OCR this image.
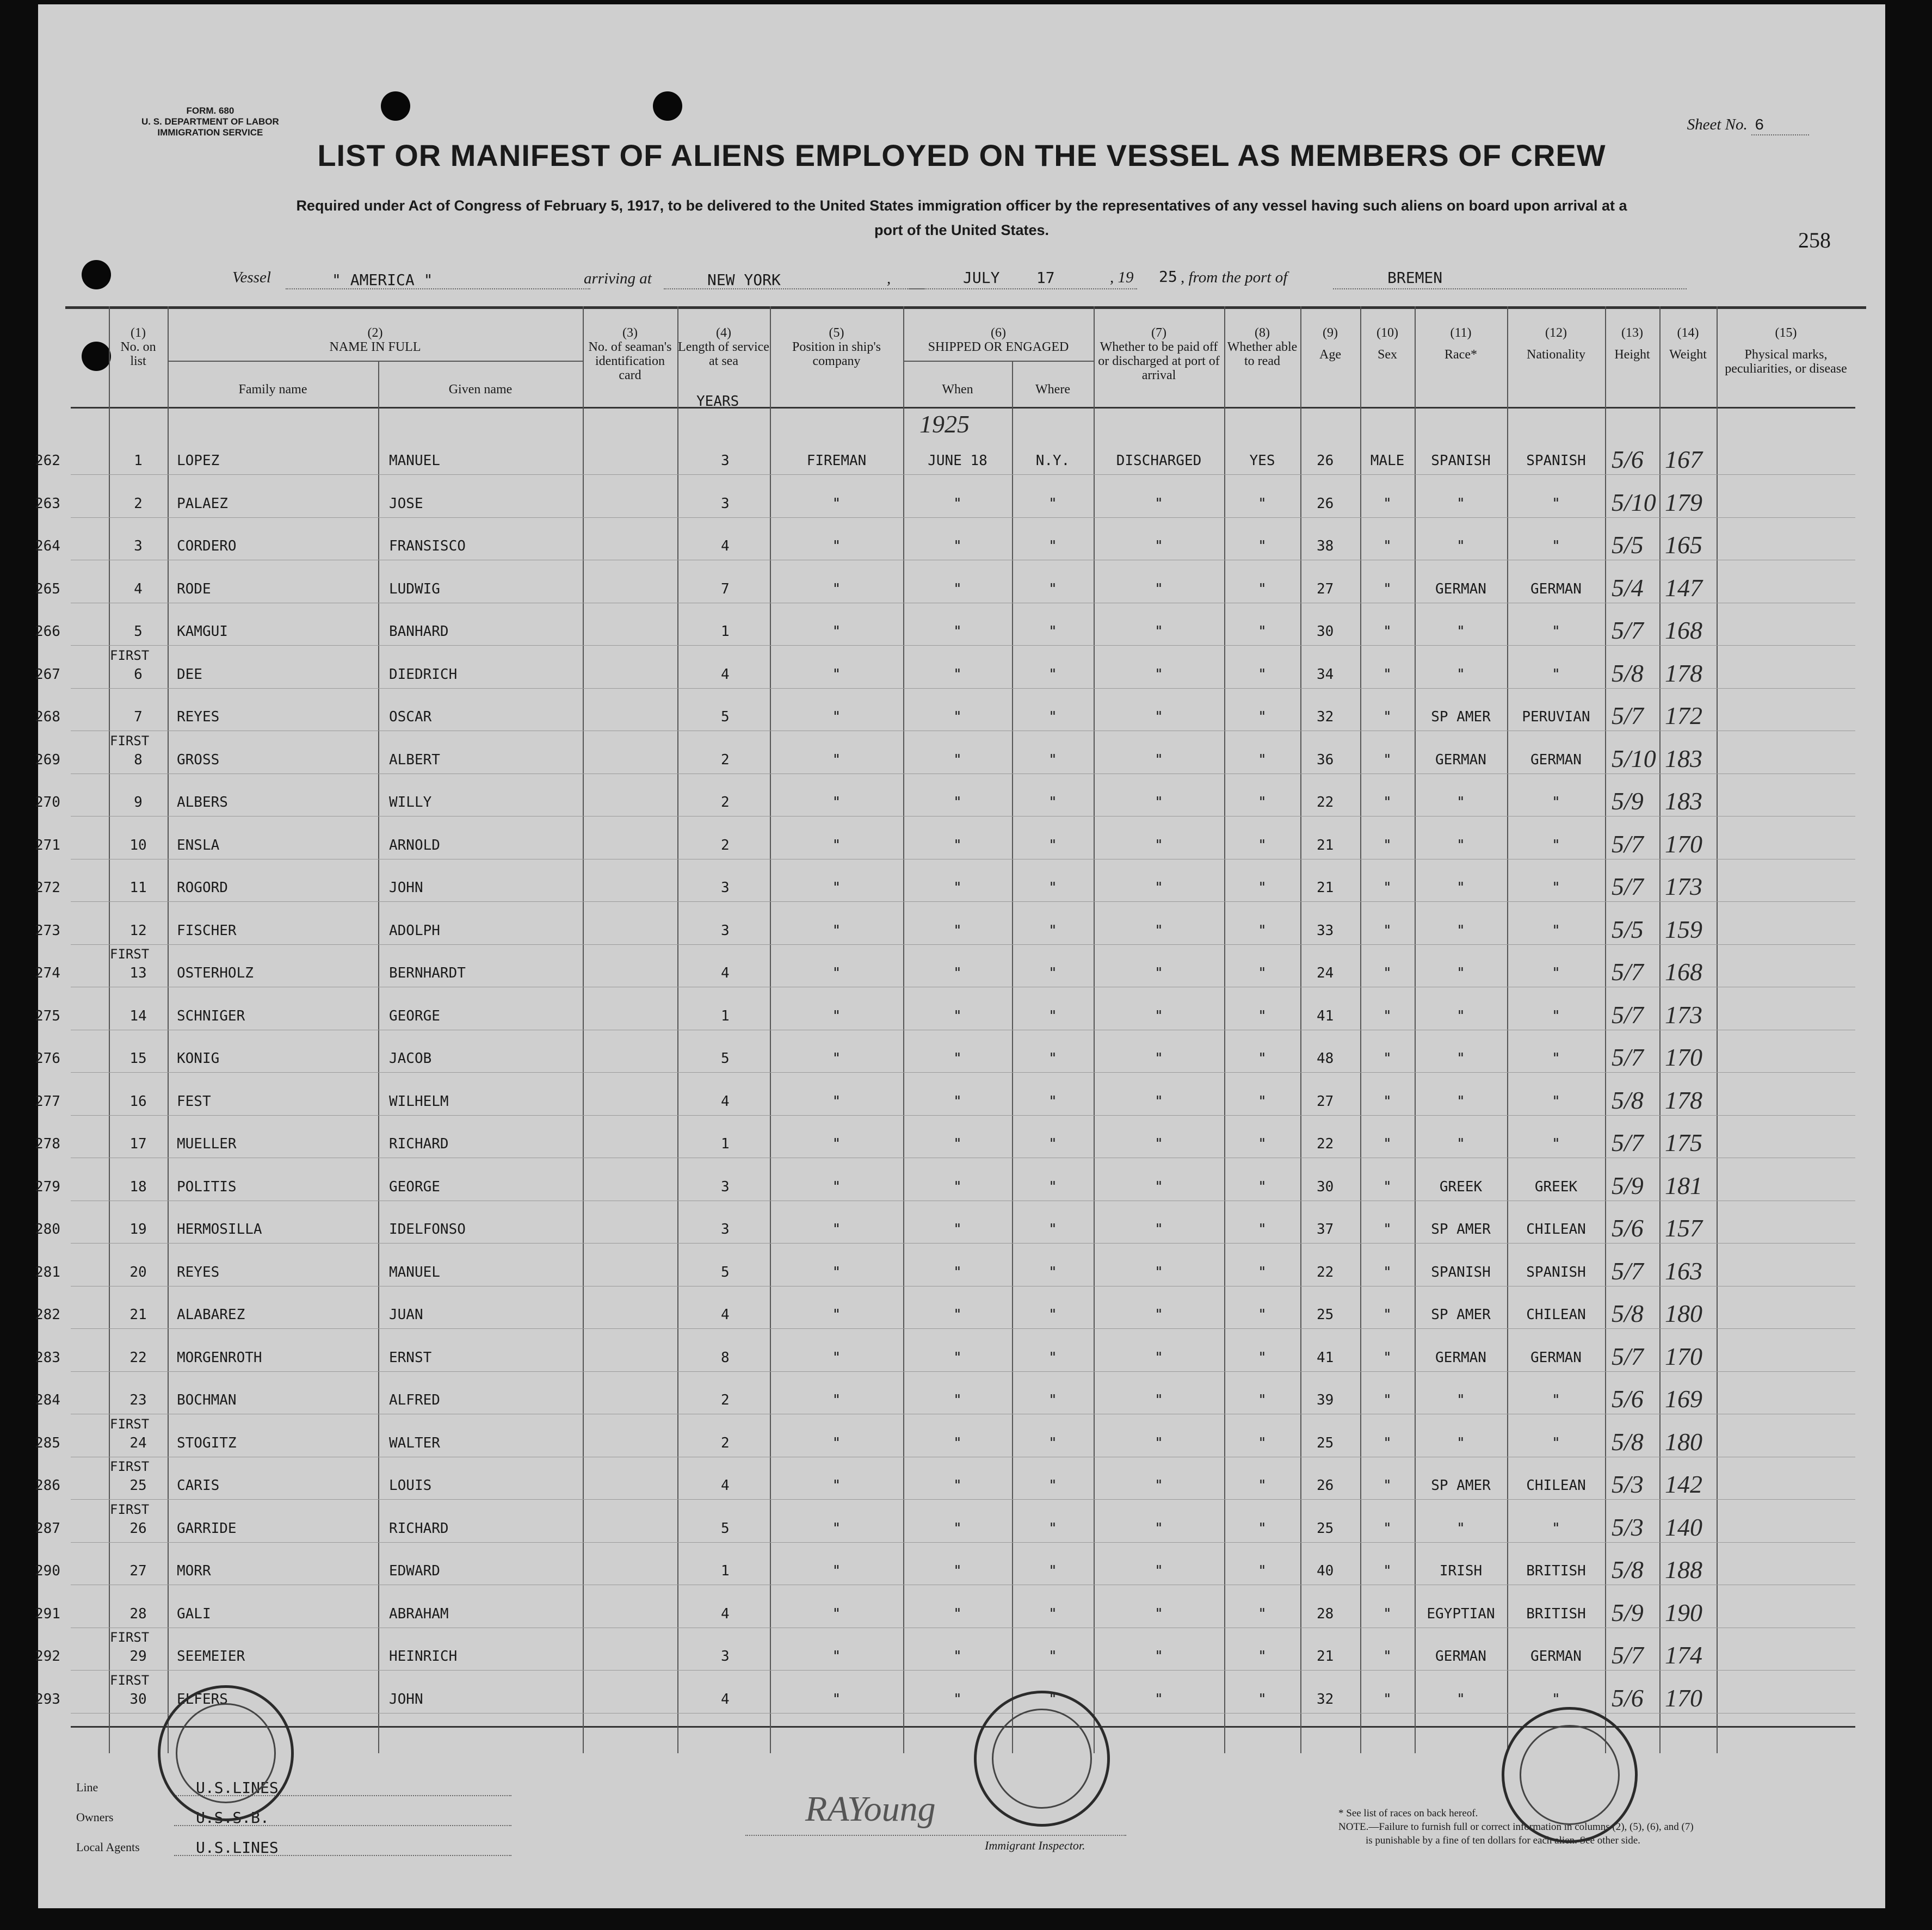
FORM. 680
U. S. DEPARTMENT OF LABOR
IMMIGRATION SERVICE	Sheet No. 6
LIST OR MANIFEST OF ALIENS EMPLOYED ON THE VESSEL AS MEMBERS OF CREW
Required under Act of Congress of February 5, 1917, to be delivered to the United States immigration officer by the representatives of any vessel having such aliens on board upon arrival at a
port of the United States.	258
Vessel	" AMERICA "	arriving at	NEW YORK	,	JULY    17	, 19 25 , from the port of	BREMEN
(1)
No. on list
(2)
NAME IN FULL
Family name	Given name
(3)
No. of seaman's identification card
(4)
Length of service at sea
YEARS
(5)
Position in ship's company
(6)
SHIPPED OR ENGAGED
When	Where
(7)
Whether to be paid off or discharged at port of arrival
(8)
Whether able to read
(9)
Age
(10)
Sex
(11)
Race*
(12)
Nationality
(13)
Height
(14)
Weight
(15)
Physical marks, peculiarities, or disease
1925
262	1	LOPEZ	MANUEL	3	FIREMAN	JUNE 18	N.Y.	DISCHARGED	YES	26	MALE	SPANISH	SPANISH	5/6 167
263	2	PALAEZ	JOSE	3	"	"	"	"	"	26	"	"	"	5/10 179
264	3	CORDERO	FRANSISCO	4	"	"	"	"	"	38	"	"	"	5/5 165
265	4	RODE	LUDWIG	7	"	"	"	"	"	27	"	GERMAN	GERMAN	5/4 147
266	5	KAMGUI	BANHARD	1	"	"	"	"	"	30	"	"	"	5/7 168
267	6	DEE	DIEDRICH	4	"	"	"	"	"	34	"	"	"	5/8 178
FIRST
268	7	REYES	OSCAR	5	"	"	"	"	"	32	"	SP AMER	PERUVIAN 5/7 172
269	8	GROSS	ALBERT	2	"	"	"	"	"	36	"	GERMAN	GERMAN	5/10 183
FIRST
270	9	ALBERS	WILLY	2	"	"	"	"	"	22	"	"	"	5/9 183
271	10	ENSLA	ARNOLD	2	"	"	"	"	"	21	"	"	"	5/7 170
272	11	ROGORD	JOHN	3	"	"	"	"	"	21	"	"	"	5/7 173
273	12	FISCHER	ADOLPH	3	"	"	"	"	"	33	"	"	"	5/5 159
274	13	OSTERHOLZ	BERNHARDT	4	"	"	"	"	"	24	"	"	"	5/7 168
FIRST
275	14	SCHNIGER	GEORGE	1	"	"	"	"	"	41	"	"	"	5/7 173
276	15	KONIG	JACOB	5	"	"	"	"	"	48	"	"	"	5/7 170
277	16	FEST	WILHELM	4	"	"	"	"	"	27	"	"	"	5/8 178
278	17	MUELLER	RICHARD	1	"	"	"	"	"	22	"	"	"	5/7 175
279	18	POLITIS	GEORGE	3	"	"	"	"	"	30	"	GREEK	GREEK	5/9 181
280	19	HERMOSILLA	IDELFONSO	3	"	"	"	"	"	37	"	SP AMER	CHILEAN	5/6 157
281	20	REYES	MANUEL	5	"	"	"	"	"	22	"	SPANISH	SPANISH	5/7 163
282	21	ALABAREZ	JUAN	4	"	"	"	"	"	25	"	SP AMER	CHILEAN	5/8 180
283	22	MORGENROTH	ERNST	8	"	"	"	"	"	41	"	GERMAN	GERMAN	5/7 170
284	23	BOCHMAN	ALFRED	2	"	"	"	"	"	39	"	"	"	5/6 169
285	24	STOGITZ	WALTER	2	"	"	"	"	"	25	"	"	"	5/8 180
FIRST
286	25	CARIS	LOUIS	4	"	"	"	"	"	26	"	SP AMER	CHILEAN	5/3 142
FIRST
287	26	GARRIDE	RICHARD	5	"	"	"	"	"	25	"	"	"	5/3 140
FIRST
290	27	MORR	EDWARD	1	"	"	"	"	"	40	"	IRISH	BRITISH	5/8 188
291	28	GALI	ABRAHAM	4	"	"	"	"	"	28	"	EGYPTIAN	BRITISH	5/9 190
292	29	SEEMEIER	HEINRICH	3	"	"	"	"	"	21	"	GERMAN	GERMAN	5/7 174
FIRST
293	30	ELFERS	JOHN	4	"	"	"	"	"	32	"	"	"	5/6 170
FIRST
Line	U.S.LINES
Owners	U.S.S.B.
Local Agents	U.S.LINES
RAYoung
Immigrant Inspector.
* See list of races on back hereof.
NOTE.—Failure to furnish full or correct information in columns (2), (5), (6), and (7)
is punishable by a fine of ten dollars for each alien. See other side.
